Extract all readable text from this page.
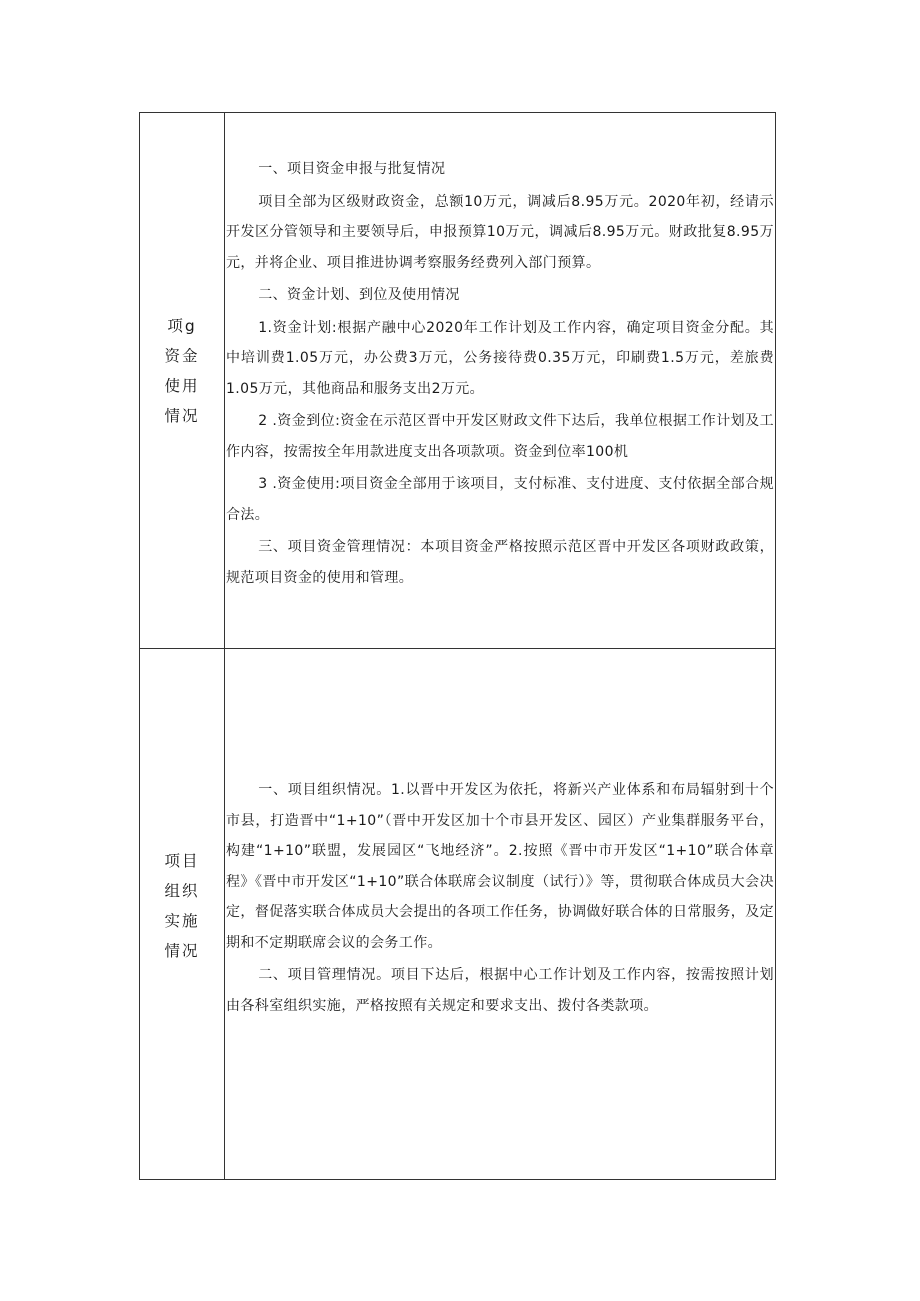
项g
资金
使用
情况

一、项目资金申报与批复情况

项目全部为区级财政资金，总额10万元，调减后8.95万元。2020年初，经请示开发区分管领导和主要领导后，申报预算10万元，调减后8.95万元。财政批复8.95万元，并将企业、项目推进协调考察服务经费列入部门预算。

二、资金计划、到位及使用情况

1.资金计划:根据产融中心2020年工作计划及工作内容，确定项目资金分配。其中培训费1.05万元，办公费3万元，公务接待费0.35万元，印刷费1.5万元，差旅费1.05万元，其他商品和服务支出2万元。

2 .资金到位:资金在示范区晋中开发区财政文件下达后，我单位根据工作计划及工作内容，按需按全年用款进度支出各项款项。资金到位率100机

3 .资金使用:项目资金全部用于该项目，支付标准、支付进度、支付依据全部合规合法。

三、项目资金管理情况：本项目资金严格按照示范区晋中开发区各项财政政策，规范项目资金的使用和管理。

项目
组织
实施
情况

一、项目组织情况。1.以晋中开发区为依托，将新兴产业体系和布局辐射到十个市县，打造晋中“1+10”（晋中开发区加十个市县开发区、园区）产业集群服务平台，构建“1+10”联盟，发展园区“飞地经济”。2.按照《晋中市开发区“1+10”联合体章程》《晋中市开发区“1+10”联合体联席会议制度（试行）》等，贯彻联合体成员大会决定，督促落实联合体成员大会提出的各项工作任务，协调做好联合体的日常服务，及定期和不定期联席会议的会务工作。

二、项目管理情况。项目下达后，根据中心工作计划及工作内容，按需按照计划由各科室组织实施，严格按照有关规定和要求支出、拨付各类款项。
